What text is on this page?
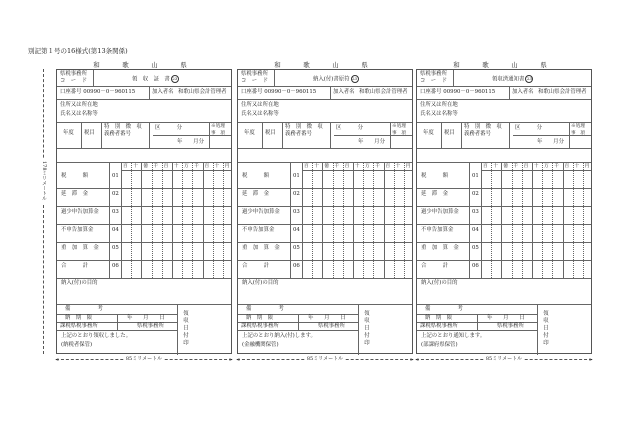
別記第１号の16様式(第13条関係)
178ミリメートル
和　歌　山　県
県税事務所
コ　ー　ド	領　収　証　書 23
口座番号 00990－0－960115	加入者名 和歌山県会計管理者
住所又は所在地
氏名又は名称等
年度 税目
特　別　徴　収
義務者番号
区　　　分	※処理
事　項
年　　月分
百 十 億 千 百 十 万 千 百 十 円
税　　　額	01
延　滞　金	02
過少申告加算金 03
不申告加算金	04
重　加　算　金 05
合　　　計	06
納入(付)の目的
備　　　　　考
納　期　限	年　　月　　日
課税県税事務所	県税事務所
上記のとおり領収しました。
(納税者保管)	領収日付印
和　歌　山　県
県税事務所
コ　ー　ド	納入(付)書原符 23
口座番号 00990－0－960115	加入者名 和歌山県会計管理者
住所又は所在地
氏名又は名称等
年度 税目
特　別　徴　収
義務者番号
区　　　分	※処理
事　項
年　　月分
百 十 億 千 百 十 万 千 百 十 円
税　　　額	01
延　滞　金	02
過少申告加算金 03
不申告加算金	04
重　加　算　金 05
合　　　計	06
納入(付)の目的
備　　　　　考
納　期　限	年　　月　　日
課税県税事務所	県税事務所
上記のとおり納入(付)します。
(金融機関保管)	領収日付印
和　歌　山　県
県税事務所
コ　ー　ド	領収済通知書 23
口座番号 00990－0－960115	加入者名 和歌山県会計管理者
住所又は所在地
氏名又は名称等
年度 税目
特　別　徴　収
義務者番号
区　　　分	※処理
事　項
年　　月分
百 十 億 千 百 十 万 千 百 十 円
税　　　額	01
延　滞　金	02
過少申告加算金 03
不申告加算金	04
重　加　算　金 05
合　　　計	06
納入(付)の目的
備　　　　　考
納　期　限	年　　月　　日
課税県税事務所	県税事務所
上記のとおり通知します。
(部課府県保管)	領収日付印
<	>
85ミリメートル	<	>
85ミリメートル	<	>
85ミリメートル
